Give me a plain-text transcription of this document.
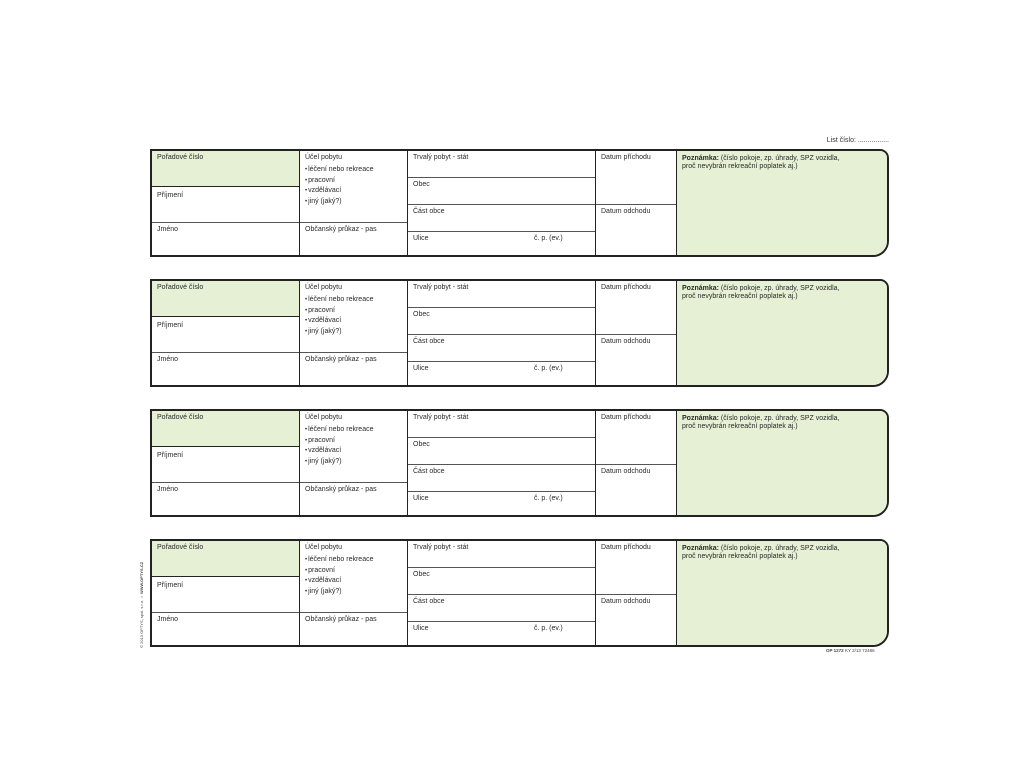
List číslo: ................
Pořadové číslo
Příjmení
Jméno
Účel pobytu
• léčení nebo rekreace
• pracovní
• vzdělávací
• jiný (jaký?)
Občanský průkaz - pas
Trvalý pobyt - stát
Obec
Část obce
Ulice	č. p. (ev.)
Datum příchodu
Datum odchodu
Poznámka: (číslo pokoje, zp. úhrady, SPZ vozidla,
proč nevybrán rekreační poplatek aj.)
Pořadové číslo
Příjmení
Jméno
Účel pobytu
• léčení nebo rekreace
• pracovní
• vzdělávací
• jiný (jaký?)
Občanský průkaz - pas
Trvalý pobyt - stát
Obec
Část obce
Ulice	č. p. (ev.)
Datum příchodu
Datum odchodu
Poznámka: (číslo pokoje, zp. úhrady, SPZ vozidla,
proč nevybrán rekreační poplatek aj.)
Pořadové číslo
Příjmení
Jméno
Účel pobytu
• léčení nebo rekreace
• pracovní
• vzdělávací
• jiný (jaký?)
Občanský průkaz - pas
Trvalý pobyt - stát
Obec
Část obce
Ulice	č. p. (ev.)
Datum příchodu
Datum odchodu
Poznámka: (číslo pokoje, zp. úhrady, SPZ vozidla,
proč nevybrán rekreační poplatek aj.)
Pořadové číslo
Příjmení
Jméno
Účel pobytu
• léčení nebo rekreace
• pracovní
• vzdělávací
• jiný (jaký?)
Občanský průkaz - pas
Trvalý pobyt - stát
Obec
Část obce
Ulice	č. p. (ev.)
Datum příchodu
Datum odchodu
Poznámka: (číslo pokoje, zp. úhrady, SPZ vozidla,
proč nevybrán rekreační poplatek aj.)
© 2013 OPTYS, spol. s r.o.  •  WWW.OPTYS.CZ
OP 1272 KY 2/13 72486
